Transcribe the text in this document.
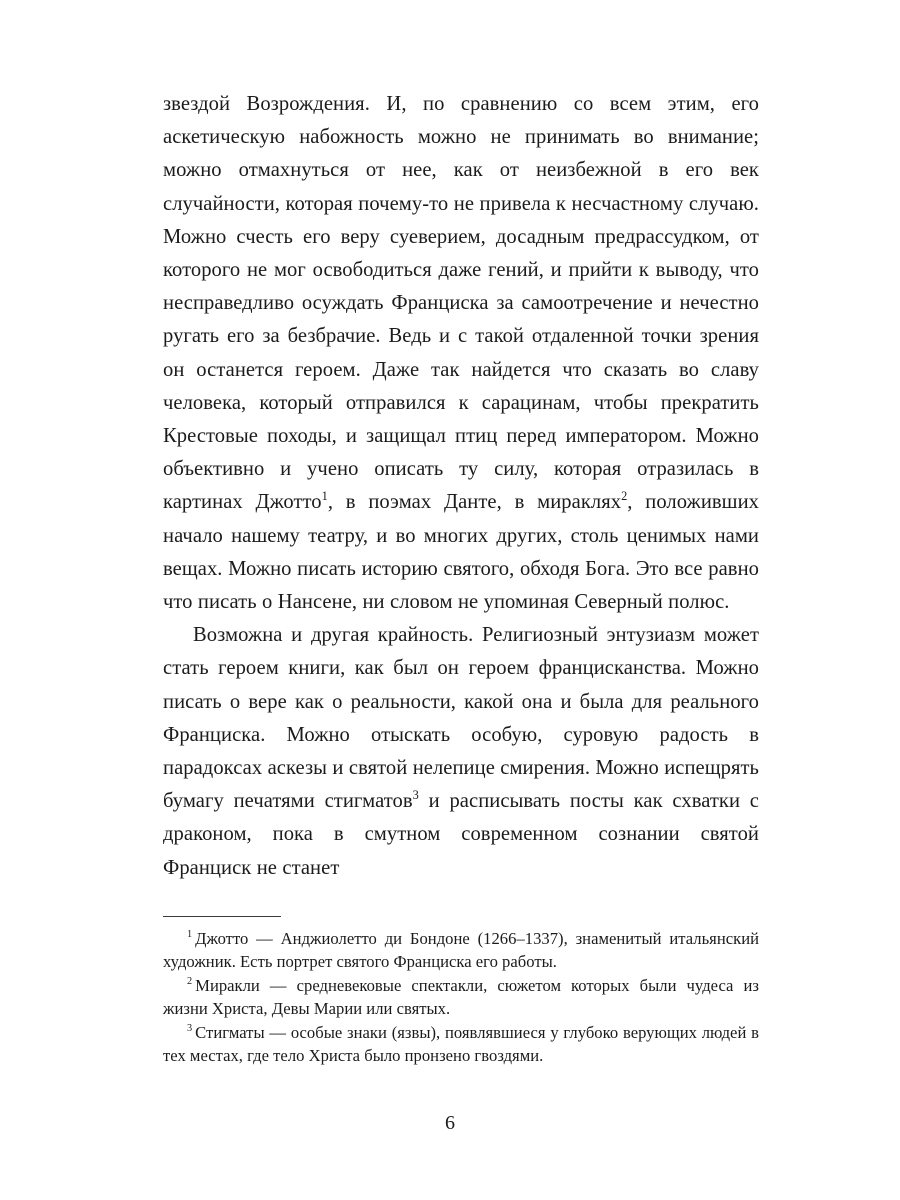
звездой Возрождения. И, по сравнению со всем этим, его аскетическую набожность можно не принимать во внимание; можно отмахнуться от нее, как от неизбежной в его век случайности, которая почему-то не привела к несчастному случаю. Можно счесть его веру суеверием, досадным предрассудком, от которого не мог освободиться даже гений, и прийти к выводу, что несправедливо осуждать Франциска за самоотречение и нечестно ругать его за безбрачие. Ведь и с такой отдаленной точки зрения он останется героем. Даже так найдется что сказать во славу человека, который отправился к сарацинам, чтобы прекратить Крестовые походы, и защищал птиц перед императором. Можно объективно и учено описать ту силу, которая отразилась в картинах Джотто$^1$, в поэмах Данте, в мираклях$^2$, положивших начало нашему театру, и во многих других, столь ценимых нами вещах. Можно писать историю святого, обходя Бога. Это все равно что писать о Нансене, ни словом не упоминая Северный полюс.

Возможна и другая крайность. Религиозный энтузиазм может стать героем книги, как был он героем францисканства. Можно писать о вере как о реальности, какой она и была для реального Франциска. Можно отыскать особую, суровую радость в парадоксах аскезы и святой нелепице смирения. Можно испещрять бумагу печатями стигматов$^3$ и расписывать посты как схватки с драконом, пока в смутном современном сознании святой Франциск не станет

$^1$ Джотто — Анджиолетто ди Бондоне (1266–1337), знаменитый итальянский художник. Есть портрет святого Франциска его работы.

$^2$ Миракли — средневековые спектакли, сюжетом которых были чудеса из жизни Христа, Девы Марии или святых.

$^3$ Стигматы — особые знаки (язвы), появлявшиеся у глубоко верующих людей в тех местах, где тело Христа было пронзено гвоздями.

6
